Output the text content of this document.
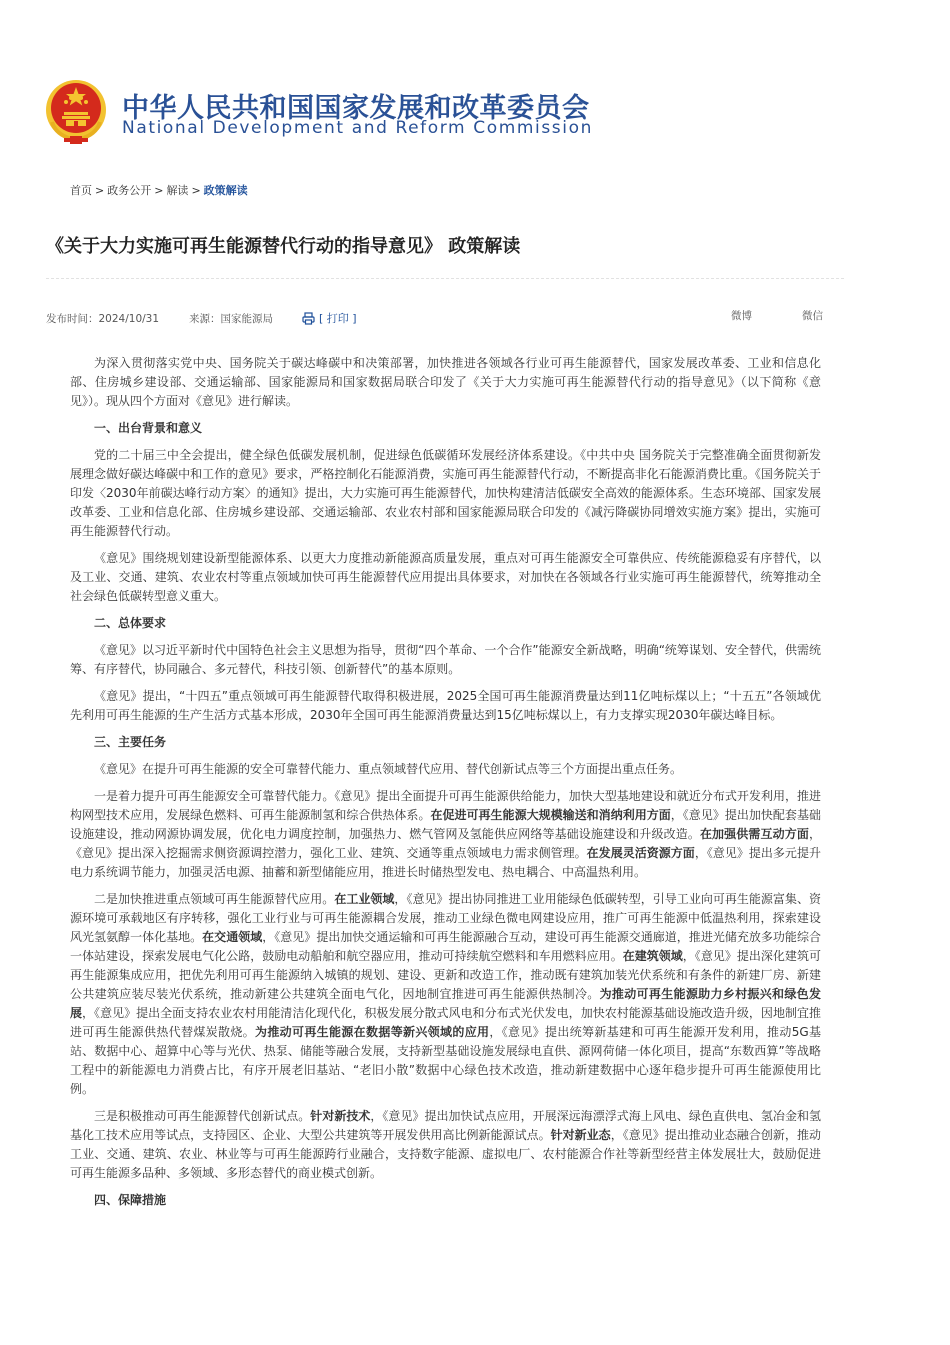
中华人民共和国国家发展和改革委员会
National Development and Reform Commission
首页 > 政务公开 > 解读 > 政策解读
《关于大力实施可再生能源替代行动的指导意见》 政策解读
发布时间：2024/10/31	来源：国家能源局	[ 打印 ]	微博	微信

为深入贯彻落实党中央、国务院关于碳达峰碳中和决策部署，加快推进各领域各行业可再生能源替代，国家发展改革委、工业和信息化部、住房城乡建设部、交通运输部、国家能源局和国家数据局联合印发了《关于大力实施可再生能源替代行动的指导意见》（以下简称《意见》）。现从四个方面对《意见》进行解读。

一、出台背景和意义

党的二十届三中全会提出，健全绿色低碳发展机制，促进绿色低碳循环发展经济体系建设。《中共中央 国务院关于完整准确全面贯彻新发展理念做好碳达峰碳中和工作的意见》要求，严格控制化石能源消费，实施可再生能源替代行动，不断提高非化石能源消费比重。《国务院关于印发〈2030年前碳达峰行动方案〉的通知》提出，大力实施可再生能源替代，加快构建清洁低碳安全高效的能源体系。生态环境部、国家发展改革委、工业和信息化部、住房城乡建设部、交通运输部、农业农村部和国家能源局联合印发的《减污降碳协同增效实施方案》提出，实施可再生能源替代行动。

《意见》围绕规划建设新型能源体系、以更大力度推动新能源高质量发展，重点对可再生能源安全可靠供应、传统能源稳妥有序替代，以及工业、交通、建筑、农业农村等重点领域加快可再生能源替代应用提出具体要求，对加快在各领域各行业实施可再生能源替代，统筹推动全社会绿色低碳转型意义重大。

二、总体要求

《意见》以习近平新时代中国特色社会主义思想为指导，贯彻“四个革命、一个合作”能源安全新战略，明确“统筹谋划、安全替代，供需统筹、有序替代，协同融合、多元替代，科技引领、创新替代”的基本原则。

《意见》提出，“十四五”重点领域可再生能源替代取得积极进展，2025全国可再生能源消费量达到11亿吨标煤以上；“十五五”各领域优先利用可再生能源的生产生活方式基本形成，2030年全国可再生能源消费量达到15亿吨标煤以上，有力支撑实现2030年碳达峰目标。

三、主要任务

《意见》在提升可再生能源的安全可靠替代能力、重点领域替代应用、替代创新试点等三个方面提出重点任务。

一是着力提升可再生能源安全可靠替代能力。《意见》提出全面提升可再生能源供给能力，加快大型基地建设和就近分布式开发利用，推进构网型技术应用，发展绿色燃料、可再生能源制氢和综合供热体系。在促进可再生能源大规模输送和消纳利用方面，《意见》提出加快配套基础设施建设，推动网源协调发展，优化电力调度控制，加强热力、燃气管网及氢能供应网络等基础设施建设和升级改造。在加强供需互动方面，《意见》提出深入挖掘需求侧资源调控潜力，强化工业、建筑、交通等重点领域电力需求侧管理。在发展灵活资源方面，《意见》提出多元提升电力系统调节能力，加强灵活电源、抽蓄和新型储能应用，推进长时储热型发电、热电耦合、中高温热利用。

二是加快推进重点领域可再生能源替代应用。在工业领域，《意见》提出协同推进工业用能绿色低碳转型，引导工业向可再生能源富集、资源环境可承载地区有序转移，强化工业行业与可再生能源耦合发展，推动工业绿色微电网建设应用，推广可再生能源中低温热利用，探索建设风光氢氨醇一体化基地。在交通领域，《意见》提出加快交通运输和可再生能源融合互动，建设可再生能源交通廊道，推进光储充放多功能综合一体站建设，探索发展电气化公路，鼓励电动船舶和航空器应用，推动可持续航空燃料和车用燃料应用。在建筑领域，《意见》提出深化建筑可再生能源集成应用，把优先利用可再生能源纳入城镇的规划、建设、更新和改造工作，推动既有建筑加装光伏系统和有条件的新建厂房、新建公共建筑应装尽装光伏系统，推动新建公共建筑全面电气化，因地制宜推进可再生能源供热制冷。为推动可再生能源助力乡村振兴和绿色发展，《意见》提出全面支持农业农村用能清洁化现代化，积极发展分散式风电和分布式光伏发电，加快农村能源基础设施改造升级，因地制宜推进可再生能源供热代替煤炭散烧。为推动可再生能源在数据等新兴领域的应用，《意见》提出统筹新基建和可再生能源开发利用，推动5G基站、数据中心、超算中心等与光伏、热泵、储能等融合发展，支持新型基础设施发展绿电直供、源网荷储一体化项目，提高“东数西算”等战略工程中的新能源电力消费占比，有序开展老旧基站、“老旧小散”数据中心绿色技术改造，推动新建数据中心逐年稳步提升可再生能源使用比例。

三是积极推动可再生能源替代创新试点。针对新技术，《意见》提出加快试点应用，开展深远海漂浮式海上风电、绿色直供电、氢冶金和氢基化工技术应用等试点，支持园区、企业、大型公共建筑等开展发供用高比例新能源试点。针对新业态，《意见》提出推动业态融合创新，推动工业、交通、建筑、农业、林业等与可再生能源跨行业融合，支持数字能源、虚拟电厂、农村能源合作社等新型经营主体发展壮大，鼓励促进可再生能源多品种、多领域、多形态替代的商业模式创新。

四、保障措施
